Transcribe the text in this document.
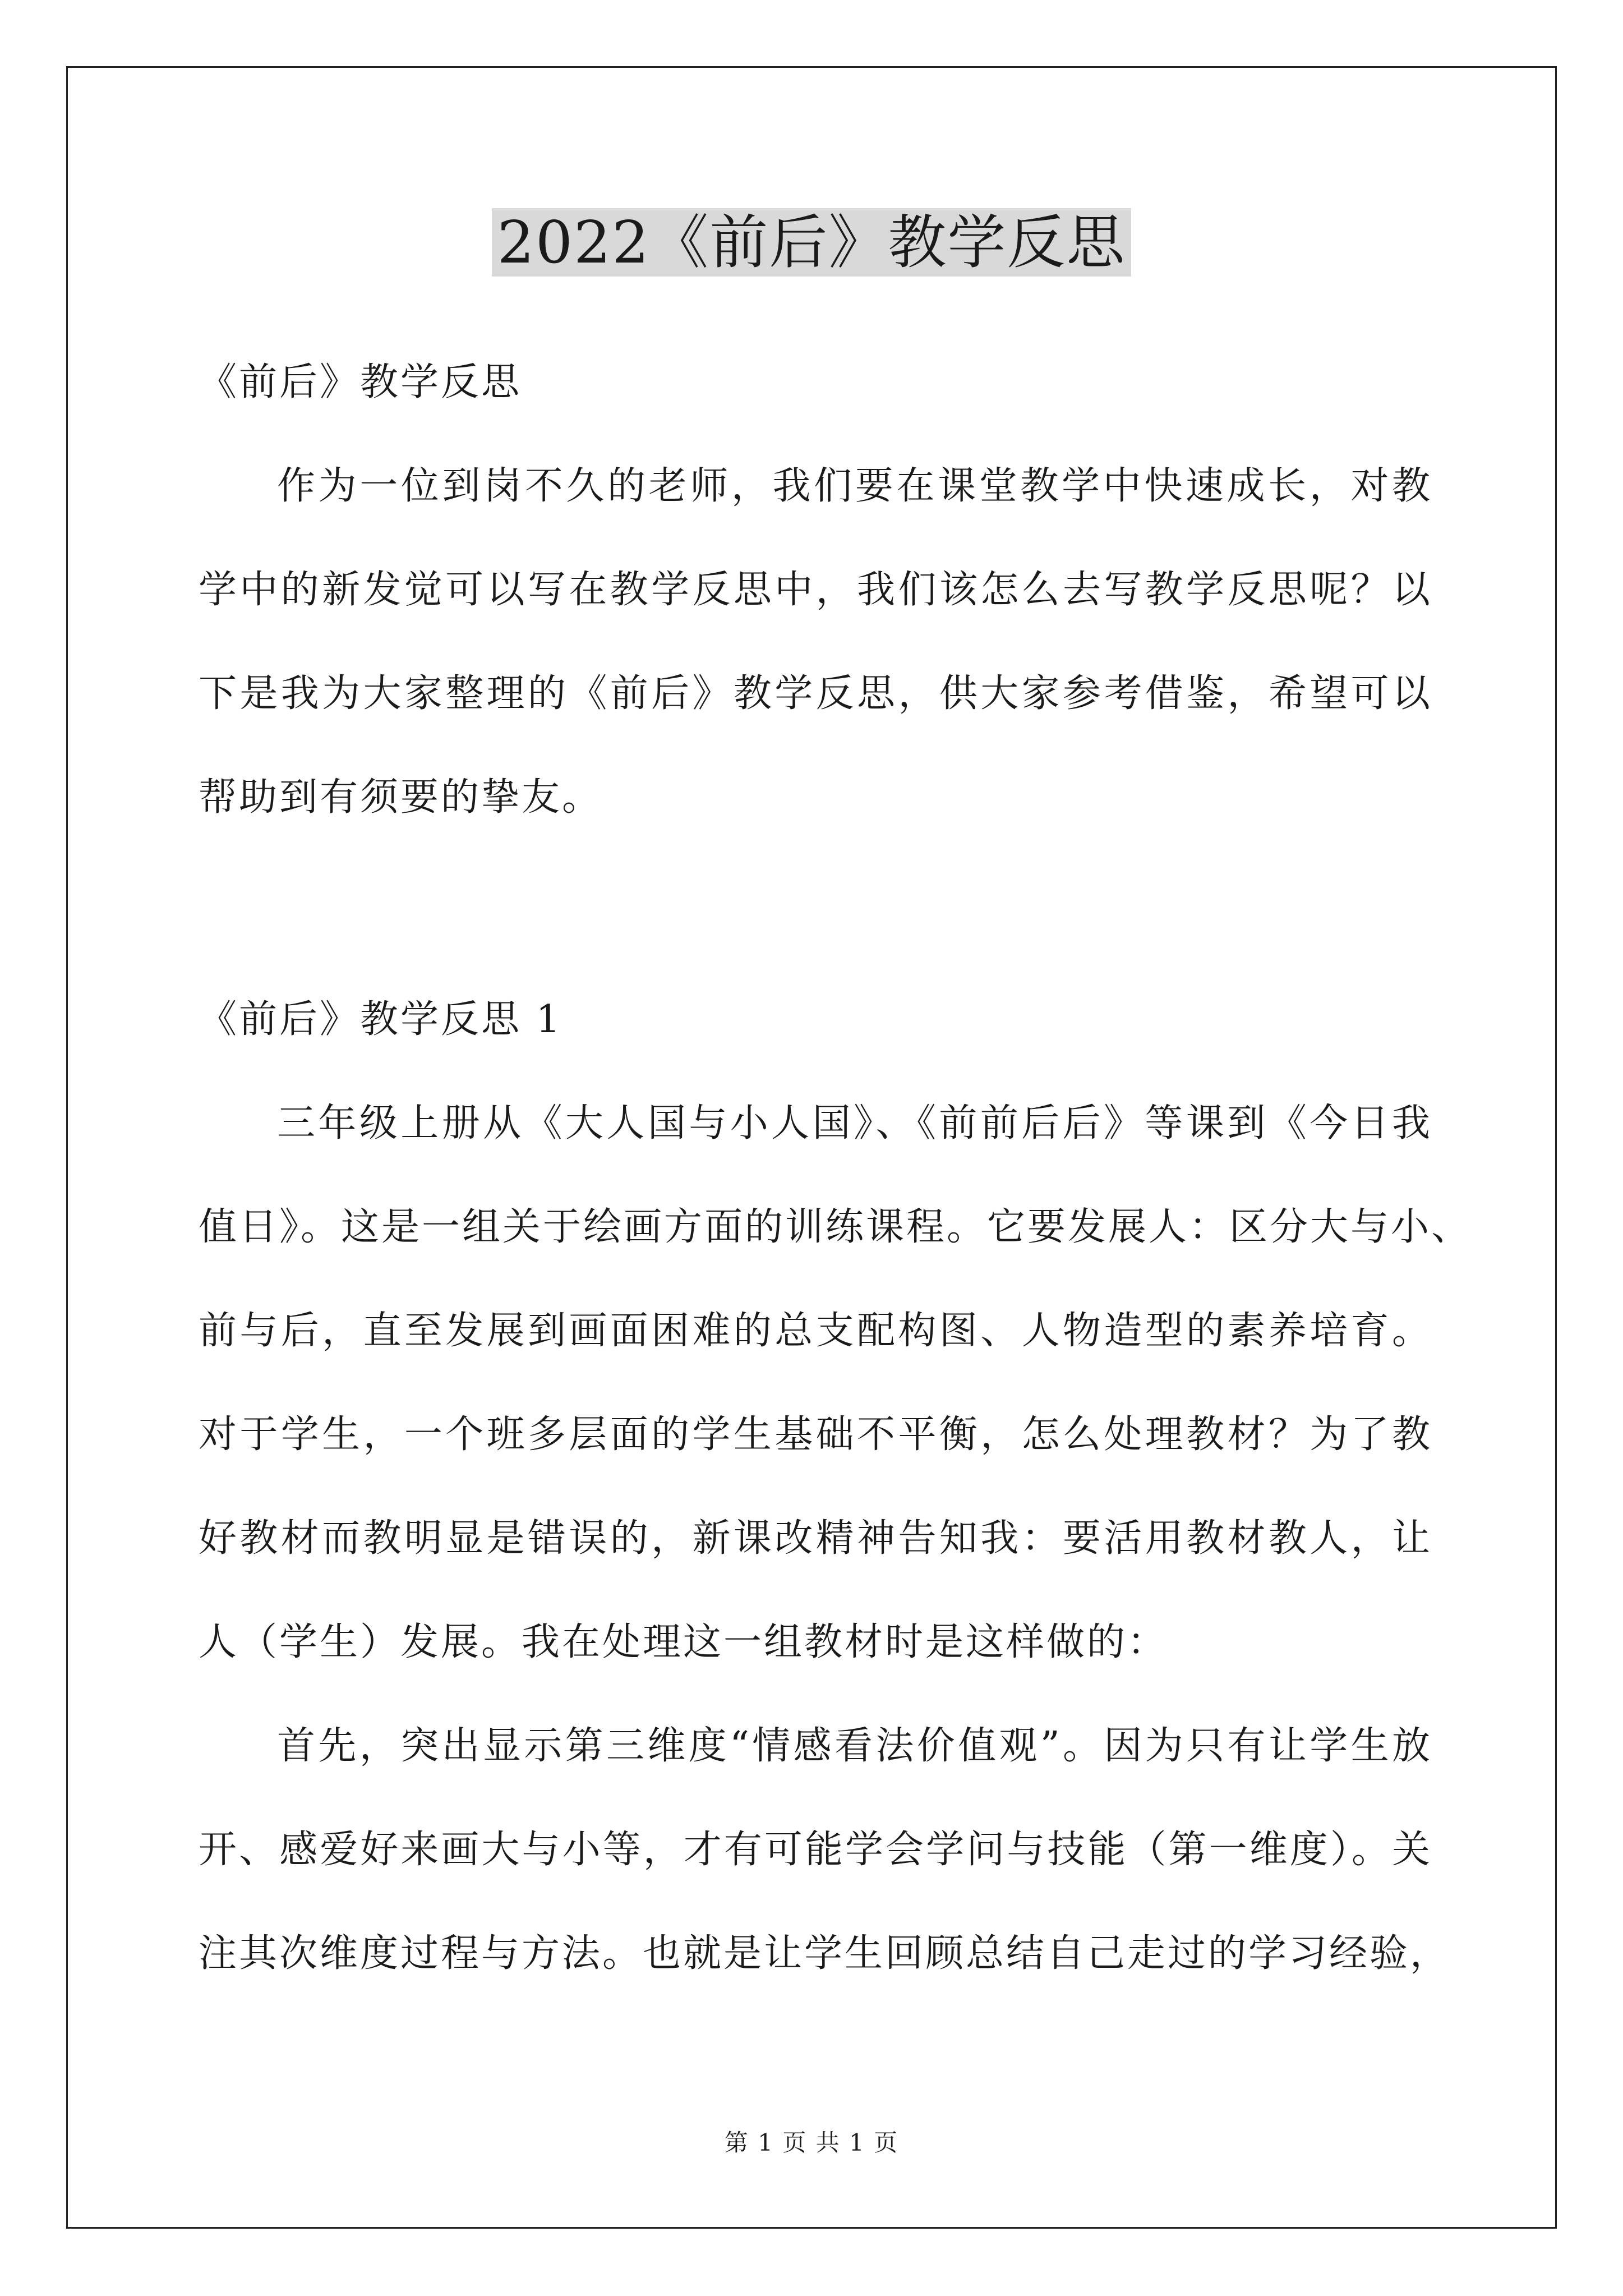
2022《前后》教学反思
《前后》教学反思
作为一位到岗不久的老师，我们要在课堂教学中快速成长，对教
学中的新发觉可以写在教学反思中，我们该怎么去写教学反思呢？以
下是我为大家整理的《前后》教学反思，供大家参考借鉴，希望可以
帮助到有须要的挚友。
《前后》教学反思 1
三年级上册从《大人国与小人国》、《前前后后》等课到《今日我
值日》。这是一组关于绘画方面的训练课程。它要发展人：区分大与小、
前与后，直至发展到画面困难的总支配构图、人物造型的素养培育。
对于学生，一个班多层面的学生基础不平衡，怎么处理教材？为了教
好教材而教明显是错误的，新课改精神告知我：要活用教材教人，让
人（学生）发展。我在处理这一组教材时是这样做的：
首先，突出显示第三维度“情感看法价值观”。因为只有让学生放
开、感爱好来画大与小等，才有可能学会学问与技能（第一维度）。关
注其次维度过程与方法。也就是让学生回顾总结自己走过的学习经验，
第 1 页 共 1 页
